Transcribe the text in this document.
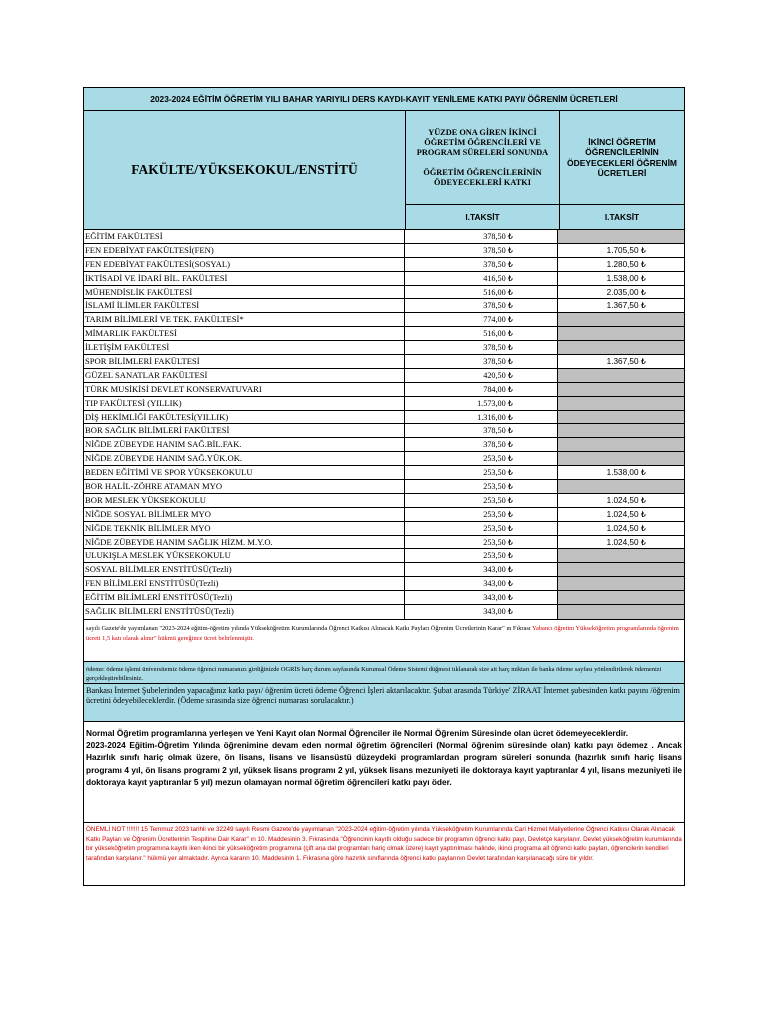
2023-2024 EĞİTİM ÖĞRETİM YILI BAHAR YARIYILI DERS KAYDI-KAYIT YENİLEME KATKI PAYI/ ÖĞRENİM ÜCRETLERİ
FAKÜLTE/YÜKSEKOKUL/ENSTİTÜ
YÜZDE ONA GİREN İKİNCİ ÖĞRETİM ÖĞRENCİLERİ VE PROGRAM SÜRELERİ SONUNDA
ÖĞRETİM ÖĞRENCİLERİNİN ÖDEYECEKLERİ KATKI
I.TAKSİT
İKİNCİ ÖĞRETİM ÖĞRENCİLERİNİN ÖDEYECEKLERİ ÖĞRENİM ÜCRETLERİ
I.TAKSİT
EĞİTİM FAKÜLTESİ	378,50 ₺
FEN EDEBİYAT FAKÜLTESİ(FEN)	378,50 ₺	1.705,50 ₺
FEN EDEBİYAT FAKÜLTESİ(SOSYAL)	378,50 ₺	1.280,50 ₺
İKTİSADİ VE İDARİ BİL. FAKÜLTESİ	416,50 ₺	1.538,00 ₺
MÜHENDİSLİK FAKÜLTESİ	516,00 ₺	2.035,00 ₺
İSLAMİ İLİMLER FAKÜLTESİ	378,50 ₺	1.367,50 ₺
TARIM BİLİMLERİ VE TEK. FAKÜLTESİ*	774,00 ₺
MİMARLIK FAKÜLTESİ	516,00 ₺
İLETİŞİM FAKÜLTESİ	378,50 ₺
SPOR BİLİMLERİ FAKÜLTESİ	378,50 ₺	1.367,50 ₺
GÜZEL SANATLAR FAKÜLTESİ	420,50 ₺
TÜRK MUSİKİSİ DEVLET KONSERVATUVARI	784,00 ₺
TIP FAKÜLTESİ (YILLIK)	1.573,00 ₺
DİŞ HEKİMLİĞİ FAKÜLTESİ(YILLIK)	1.316,00 ₺
BOR SAĞLIK BİLİMLERİ FAKÜLTESİ	378,50 ₺
NİĞDE ZÜBEYDE HANIM SAĞ.BİL.FAK.	378,50 ₺
NİĞDE ZÜBEYDE HANIM SAĞ.YÜK.OK.	253,50 ₺
BEDEN EĞİTİMİ VE SPOR YÜKSEKOKULU	253,50 ₺	1.538,00 ₺
BOR HALİL-ZÖHRE ATAMAN MYO	253,50 ₺
BOR MESLEK YÜKSEKOKULU	253,50 ₺	1.024,50 ₺
NİĞDE SOSYAL BİLİMLER MYO	253,50 ₺	1.024,50 ₺
NİĞDE TEKNİK BİLİMLER MYO	253,50 ₺	1.024,50 ₺
NİĞDE ZÜBEYDE HANIM SAĞLIK HİZM. M.Y.O.	253,50 ₺	1.024,50 ₺
ULUKIŞLA MESLEK YÜKSEKOKULU	253,50 ₺
SOSYAL BİLİMLER ENSTİTÜSÜ(Tezli)	343,00 ₺
FEN BİLİMLERİ ENSTİTÜSÜ(Tezli)	343,00 ₺
EĞİTİM BİLİMLERİ ENSTİTÜSÜ(Tezli)	343,00 ₺
SAĞLIK BİLİMLERİ ENSTİTÜSÜ(Tezli)	343,00 ₺
sayılı Gazete'de yayımlanan "2023-2024 eğitim-öğretim yılında Yükseköğretim Kurumlarında Öğrenci Katkısı Alınacak Katkı Payları Öğrenim Ücretlerinin Karar" ın Fıkrası Yabancı öğretim Yükseköğretim programlarında öğrenim ücreti 1,5 katı olarak alınır" hükmü gereğince ücret belirlenmiştir.
ödeme: ödeme işlemi üniversitemiz ödeme öğrenci numaranızı girdiğinizde OGRİS harç durum sayfasında Kurumsal Ödeme Sistemi düğmesi tıklanarak size ait harç miktarı ile banka ödeme sayfası yönlendirilerek ödemenizi gerçekleştirebilirsiniz.
Bankası İnternet Şubelerinden yapacağınız katkı payı/ öğrenim ücreti ödeme Öğrenci İşleri aktarılacaktır. Şubat arasında Türkiye' ZİRAAT İnternet şubesinden katkı payını /öğrenim ücretini ödeyebileceklerdir. (Ödeme sırasında size öğrenci numarası sorulacaktır.)

Normal Öğretim programlarına yerleşen ve Yeni Kayıt olan Normal Öğrenciler ile Normal Öğrenim Süresinde olan ücret ödemeyeceklerdir.

2023-2024 Eğitim-Öğretim Yılında öğrenimine devam eden normal öğretim öğrencileri (Normal öğrenim süresinde olan) katkı payı ödemez . Ancak Hazırlık sınıfı hariç olmak üzere, ön lisans, lisans ve lisansüstü düzeydeki programlardan program süreleri sonunda (hazırlık sınıfı hariç lisans programı 4 yıl, ön lisans programı 2 yıl, yüksek lisans programı 2 yıl, yüksek lisans mezuniyeti ile doktoraya kayıt yaptıranlar 4 yıl, lisans mezuniyeti ile doktoraya kayıt yaptıranlar 5 yıl) mezun olamayan normal öğretim öğrencileri katkı payı öder.

ÖNEMLİ NOT !!!!!!! 15 Temmuz 2023 tarihli ve 32249 sayılı Resmi Gazete'de yayımlanan "2023-2024 eğitim-öğretim yılında Yükseköğretim Kurumlarında Cari Hizmet Maliyetlerine Öğrenci Katkısı Olarak Alınacak Katkı Payları ve Öğrenim Ücretlerinin Tespitine Dair Karar" ın 10. Maddesinin 3. Fıkrasında "Öğrencinin kayıtlı olduğu sadece bir programın öğrenci katkı payı, Devletçe karşılanır. Devlet yükseköğretim kurumlarında bir yükseköğretim programına kayıtlı iken ikinci bir yükseköğretim programına (çift ana dal programları hariç olmak üzere) kayıt yaptırılması halinde, ikinci programa ait öğrenci katkı payları, öğrencilerin kendileri tarafından karşılanır." hükmü yer almaktadır. Ayrıca kararın 10. Maddesinin 1. Fıkrasına göre hazırlık sınıflarında öğrenci katkı paylarının Devlet tarafından karşılanacağı süre bir yıldır.
